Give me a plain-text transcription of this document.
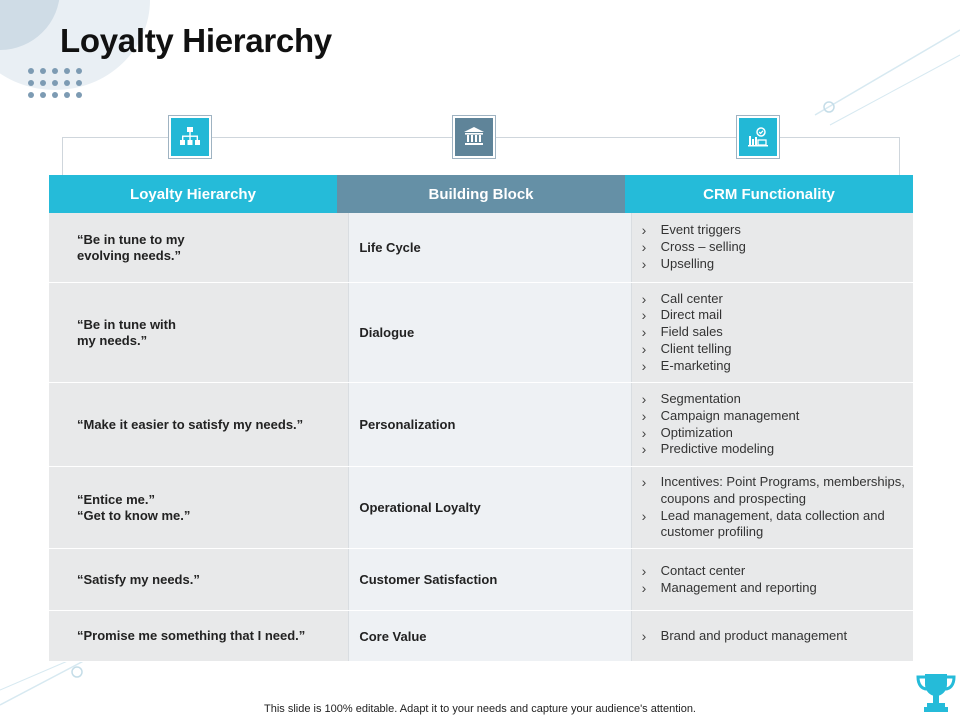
Loyalty Hierarchy
Loyalty Hierarchy	Building Block	CRM Functionality
“Be in tune to my
evolving needs.”	Life Cycle
› Event triggers
› Cross – selling
› Upselling
“Be in tune with
my needs.”	Dialogue
› Call center
› Direct mail
› Field sales
› Client telling
› E-marketing
“Make it easier to satisfy my needs.”	Personalization
› Segmentation
› Campaign management
› Optimization
› Predictive modeling
“Entice me.”
“Get to know me.”	Operational Loyalty
› Incentives: Point Programs, memberships, coupons and prospecting
› Lead management, data collection and customer profiling
“Satisfy my needs.”	Customer Satisfaction
› Contact center
› Management and reporting
“Promise me something that I need.”	Core Value
›	Brand and product management
This slide is 100% editable. Adapt it to your needs and capture your audience's attention.
